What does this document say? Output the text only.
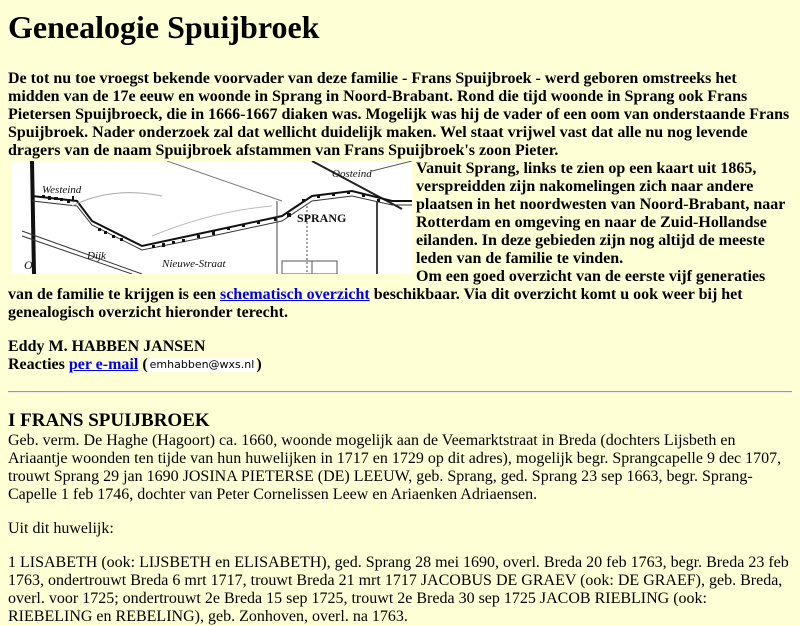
Genealogie Spuijbroek

De tot nu toe vroegst bekende voorvader van deze familie - Frans Spuijbroek - werd geboren omstreeks het midden van de 17e eeuw en woonde in Sprang in Noord-Brabant. Rond die tijd woonde in Sprang ook Frans Pietersen Spuijbroeck, die in 1666-1667 diaken was. Mogelijk was hij de vader of een oom van onderstaande Frans Spuijbroek. Nader onderzoek zal dat wellicht duidelijk maken. Wel staat vrijwel vast dat alle nu nog levende dragers van de naam Spuijbroek afstammen van Frans Spuijbroek's zoon Pieter.

Westeind
Oosteind
SPRANG
Nieuwe-Straat
Dijk
O

Vanuit Sprang, links te zien op een kaart uit 1865, verspreidden zijn nakomelingen zich naar andere plaatsen in het noordwesten van Noord-Brabant, naar Rotterdam en omgeving en naar de Zuid-Hollandse eilanden. In deze gebieden zijn nog altijd de meeste leden van de familie te vinden.
Om een goed overzicht van de eerste vijf generaties van de familie te krijgen is een schematisch overzicht beschikbaar. Via dit overzicht komt u ook weer bij het genealogisch overzicht hieronder terecht.

Eddy M. HABBEN JANSEN
Reacties per e-mail ( emhabben@wxs.nl )
I FRANS SPUIJBROEK

Geb. verm. De Haghe (Hagoort) ca. 1660, woonde mogelijk aan de Veemarktstraat in Breda (dochters Lijsbeth en Ariaantje woonden ten tijde van hun huwelijken in 1717 en 1729 op dit adres), mogelijk begr. Sprangcapelle 9 dec 1707, trouwt Sprang 29 jan 1690 JOSINA PIETERSE (DE) LEEUW, geb. Sprang, ged. Sprang 23 sep 1663, begr. Sprang-Capelle 1 feb 1746, dochter van Peter Cornelissen Leew en Ariaenken Adriaensen.

Uit dit huwelijk:

1 LISABETH (ook: LIJSBETH en ELISABETH), ged. Sprang 28 mei 1690, overl. Breda 20 feb 1763, begr. Breda 23 feb 1763, ondertrouwt Breda 6 mrt 1717, trouwt Breda 21 mrt 1717 JACOBUS DE GRAEV (ook: DE GRAEF), geb. Breda, overl. voor 1725; ondertrouwt 2e Breda 15 sep 1725, trouwt 2e Breda 30 sep 1725 JACOB RIEBLING (ook: RIEBELING en REBELING), geb. Zonhoven, overl. na 1763.
